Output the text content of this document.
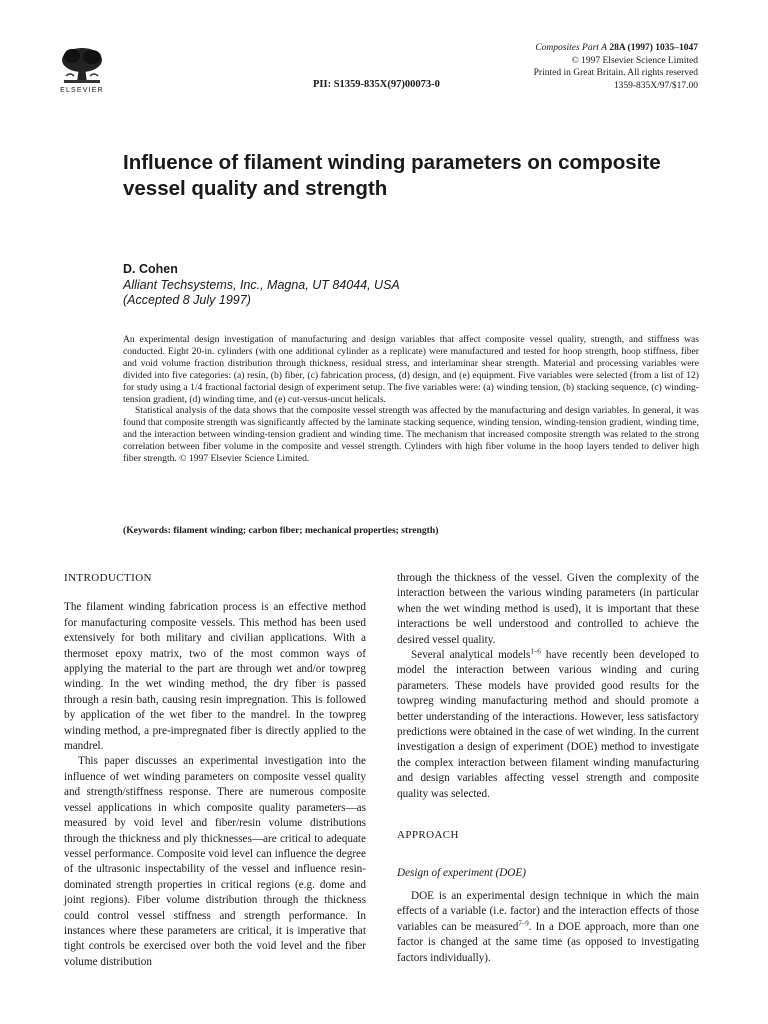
ELSEVIER
PII: S1359-835X(97)00073-0
Composites Part A 28A (1997) 1035–1047
© 1997 Elsevier Science Limited
Printed in Great Britain. All rights reserved
1359-835X/97/$17.00
Influence of filament winding parameters on composite vessel quality and strength
D. Cohen
Alliant Techsystems, Inc., Magna, UT 84044, USA
(Accepted 8 July 1997)

An experimental design investigation of manufacturing and design variables that affect composite vessel quality, strength, and stiffness was conducted. Eight 20-in. cylinders (with one additional cylinder as a replicate) were manufactured and tested for hoop strength, hoop stiffness, fiber and void volume fraction distribution through thickness, residual stress, and interlaminar shear strength. Material and processing variables were divided into five categories: (a) resin, (b) fiber, (c) fabrication process, (d) design, and (e) equipment. Five variables were selected (from a list of 12) for study using a 1/4 fractional factorial design of experiment setup. The five variables were: (a) winding tension, (b) stacking sequence, (c) winding-tension gradient, (d) winding time, and (e) cut-versus-uncut helicals.

Statistical analysis of the data shows that the composite vessel strength was affected by the manufacturing and design variables. In general, it was found that composite strength was significantly affected by the laminate stacking sequence, winding tension, winding-tension gradient, winding time, and the interaction between winding-tension gradient and winding time. The mechanism that increased composite strength was related to the strong correlation between fiber volume in the composite and vessel strength. Cylinders with high fiber volume in the hoop layers tended to deliver high fiber strength. © 1997 Elsevier Science Limited.

(Keywords: filament winding; carbon fiber; mechanical properties; strength)
INTRODUCTION

The filament winding fabrication process is an effective method for manufacturing composite vessels. This method has been used extensively for both military and civilian applications. With a thermoset epoxy matrix, two of the most common ways of applying the material to the part are through wet and/or towpreg winding. In the wet winding method, the dry fiber is passed through a resin bath, causing resin impregnation. This is followed by application of the wet fiber to the mandrel. In the towpreg winding method, a pre-impregnated fiber is directly applied to the mandrel.

This paper discusses an experimental investigation into the influence of wet winding parameters on composite vessel quality and strength/stiffness response. There are numerous composite vessel applications in which composite quality parameters—as measured by void level and fiber/resin volume distributions through the thickness and ply thicknesses—are critical to adequate vessel performance. Composite void level can influence the degree of the ultrasonic inspectability of the vessel and influence resin-dominated strength properties in critical regions (e.g. dome and joint regions). Fiber volume distribution through the thickness could control vessel stiffness and strength performance. In instances where these parameters are critical, it is imperative that tight controls be exercised over both the void level and the fiber volume distribution

through the thickness of the vessel. Given the complexity of the interaction between the various winding parameters (in particular when the wet winding method is used), it is important that these interactions be well understood and controlled to achieve the desired vessel quality.

Several analytical models$^{1-6}$ have recently been developed to model the interaction between various winding and curing parameters. These models have provided good results for the towpreg winding manufacturing method and should promote a better understanding of the interactions. However, less satisfactory predictions were obtained in the case of wet winding. In the current investigation a design of experiment (DOE) method to investigate the complex interaction between filament winding manufacturing and design variables affecting vessel strength and composite quality was selected.

APPROACH
Design of experiment (DOE)

DOE is an experimental design technique in which the main effects of a variable (i.e. factor) and the interaction effects of those variables can be measured$^{7-9}$. In a DOE approach, more than one factor is changed at the same time (as opposed to investigating factors individually).
